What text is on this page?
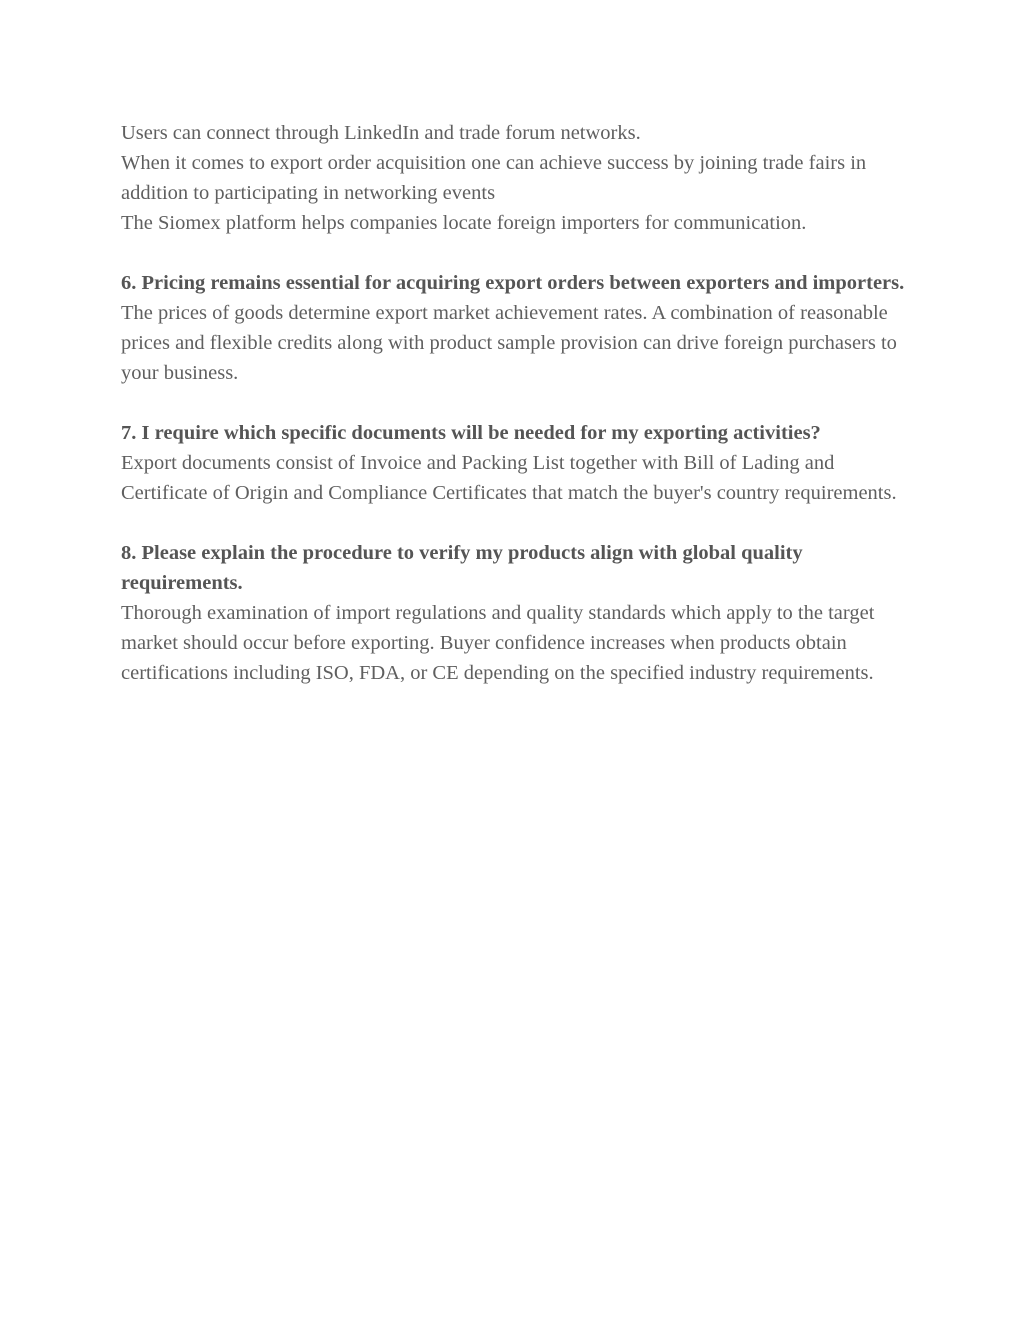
Users can connect through LinkedIn and trade forum networks.

When it comes to export order acquisition one can achieve success by joining trade fairs in addition to participating in networking events

The Siomex platform helps companies locate foreign importers for communication.

6. Pricing remains essential for acquiring export orders between exporters and importers.

The prices of goods determine export market achievement rates. A combination of reasonable prices and flexible credits along with product sample provision can drive foreign purchasers to your business.

7. I require which specific documents will be needed for my exporting activities?

Export documents consist of Invoice and Packing List together with Bill of Lading and Certificate of Origin and Compliance Certificates that match the buyer's country requirements.

8. Please explain the procedure to verify my products align with global quality requirements.

Thorough examination of import regulations and quality standards which apply to the target market should occur before exporting. Buyer confidence increases when products obtain certifications including ISO, FDA, or CE depending on the specified industry requirements.
